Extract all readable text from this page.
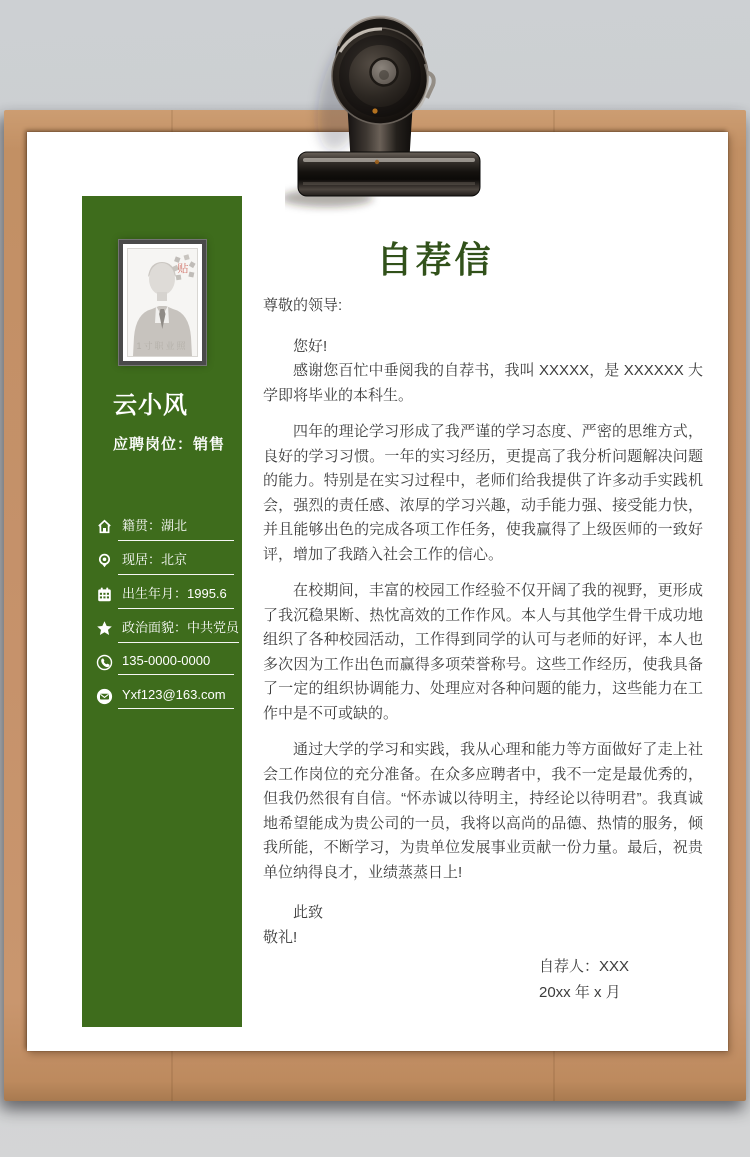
贴
1寸职业照
云小风
应聘岗位：销售
籍贯：湖北
现居：北京
出生年月：1995.6
政治面貌：中共党员
135-0000-0000
Yxf123@163.com
自荐信
尊敬的领导:

您好!

感谢您百忙中垂阅我的自荐书，我叫 XXXXX，是 XXXXXX 大学即将毕业的本科生。

四年的理论学习形成了我严谨的学习态度、严密的思维方式，良好的学习习惯。一年的实习经历，更提高了我分析问题解决问题的能力。特别是在实习过程中，老师们给我提供了许多动手实践机会，强烈的责任感、浓厚的学习兴趣，动手能力强、接受能力快，并且能够出色的完成各项工作任务，使我赢得了上级医师的一致好评，增加了我踏入社会工作的信心。

在校期间，丰富的校园工作经验不仅开阔了我的视野，更形成了我沉稳果断、热忱高效的工作作风。本人与其他学生骨干成功地组织了各种校园活动，工作得到同学的认可与老师的好评，本人也多次因为工作出色而赢得多项荣誉称号。这些工作经历，使我具备了一定的组织协调能力、处理应对各种问题的能力，这些能力在工作中是不可或缺的。

通过大学的学习和实践，我从心理和能力等方面做好了走上社会工作岗位的充分准备。在众多应聘者中，我不一定是最优秀的，但我仍然很有自信。“怀赤诚以待明主，持经论以待明君”。我真诚地希望能成为贵公司的一员，我将以高尚的品德、热情的服务，倾我所能，不断学习，为贵单位发展事业贡献一份力量。最后，祝贵单位纳得良才，业绩蒸蒸日上!

此致
敬礼!
自荐人：XXX
20xx 年 x 月
